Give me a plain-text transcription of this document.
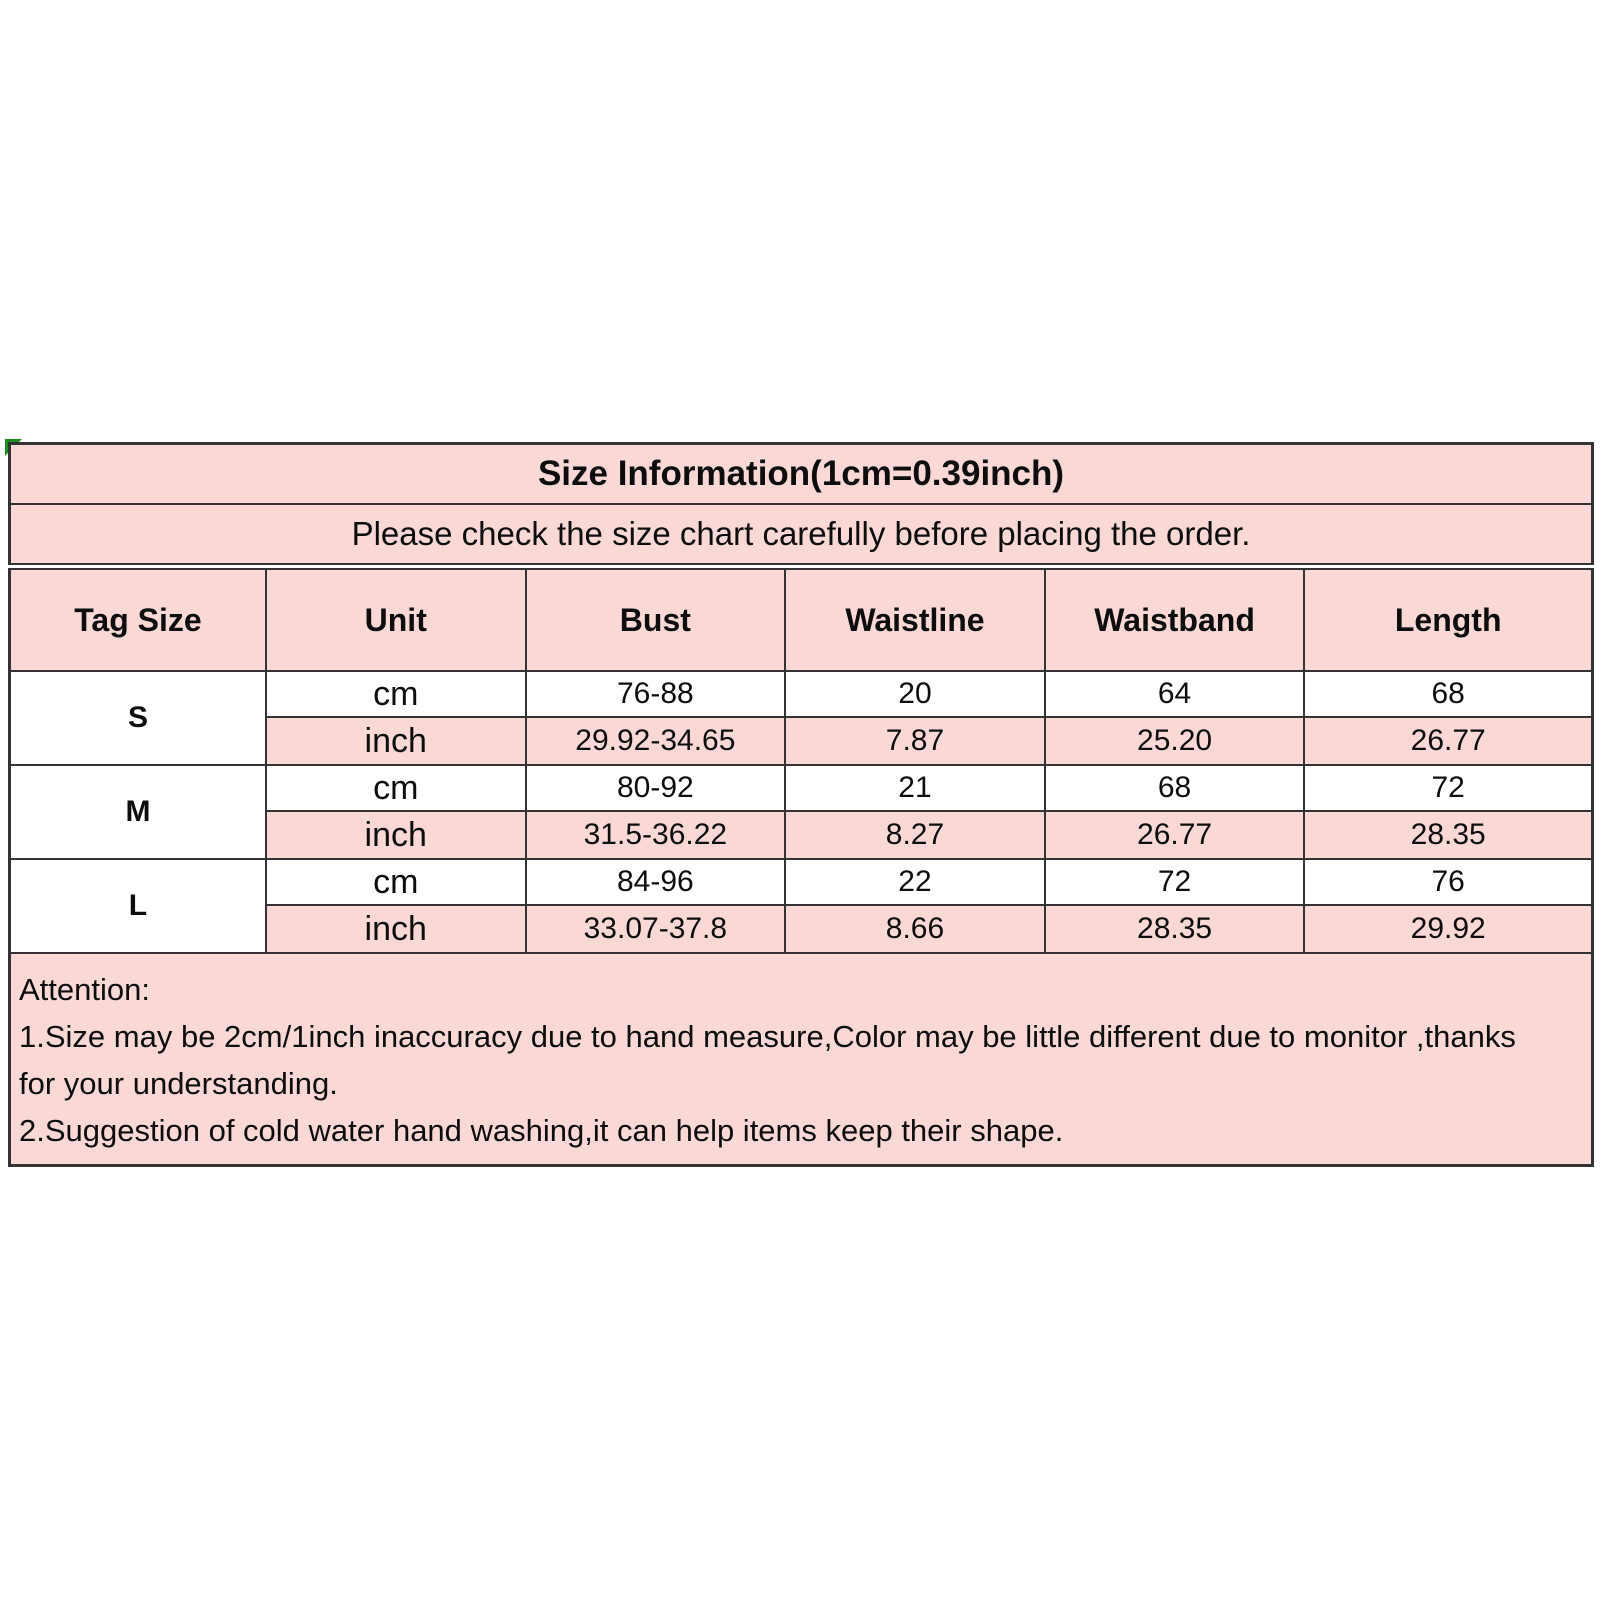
Size Information(1cm=0.39inch)					
Please check the size chart carefully before placing the order.					
Tag Size	Unit	Bust	Waistline	Waistband	Length
S	cm	76-88	20	64	68
	inch	29.92-34.65	7.87	25.20	26.77
M	cm	80-92	21	68	72
	inch	31.5-36.22	8.27	26.77	28.35
L	cm	84-96	22	72	76
	inch	33.07-37.8	8.66	28.35	29.92

Attention:
1.Size may be 2cm/1inch inaccuracy due to hand measure,Color may be little different due to monitor ,thanks
for your understanding.
2.Suggestion of cold water hand washing,it can help items keep their shape.					
